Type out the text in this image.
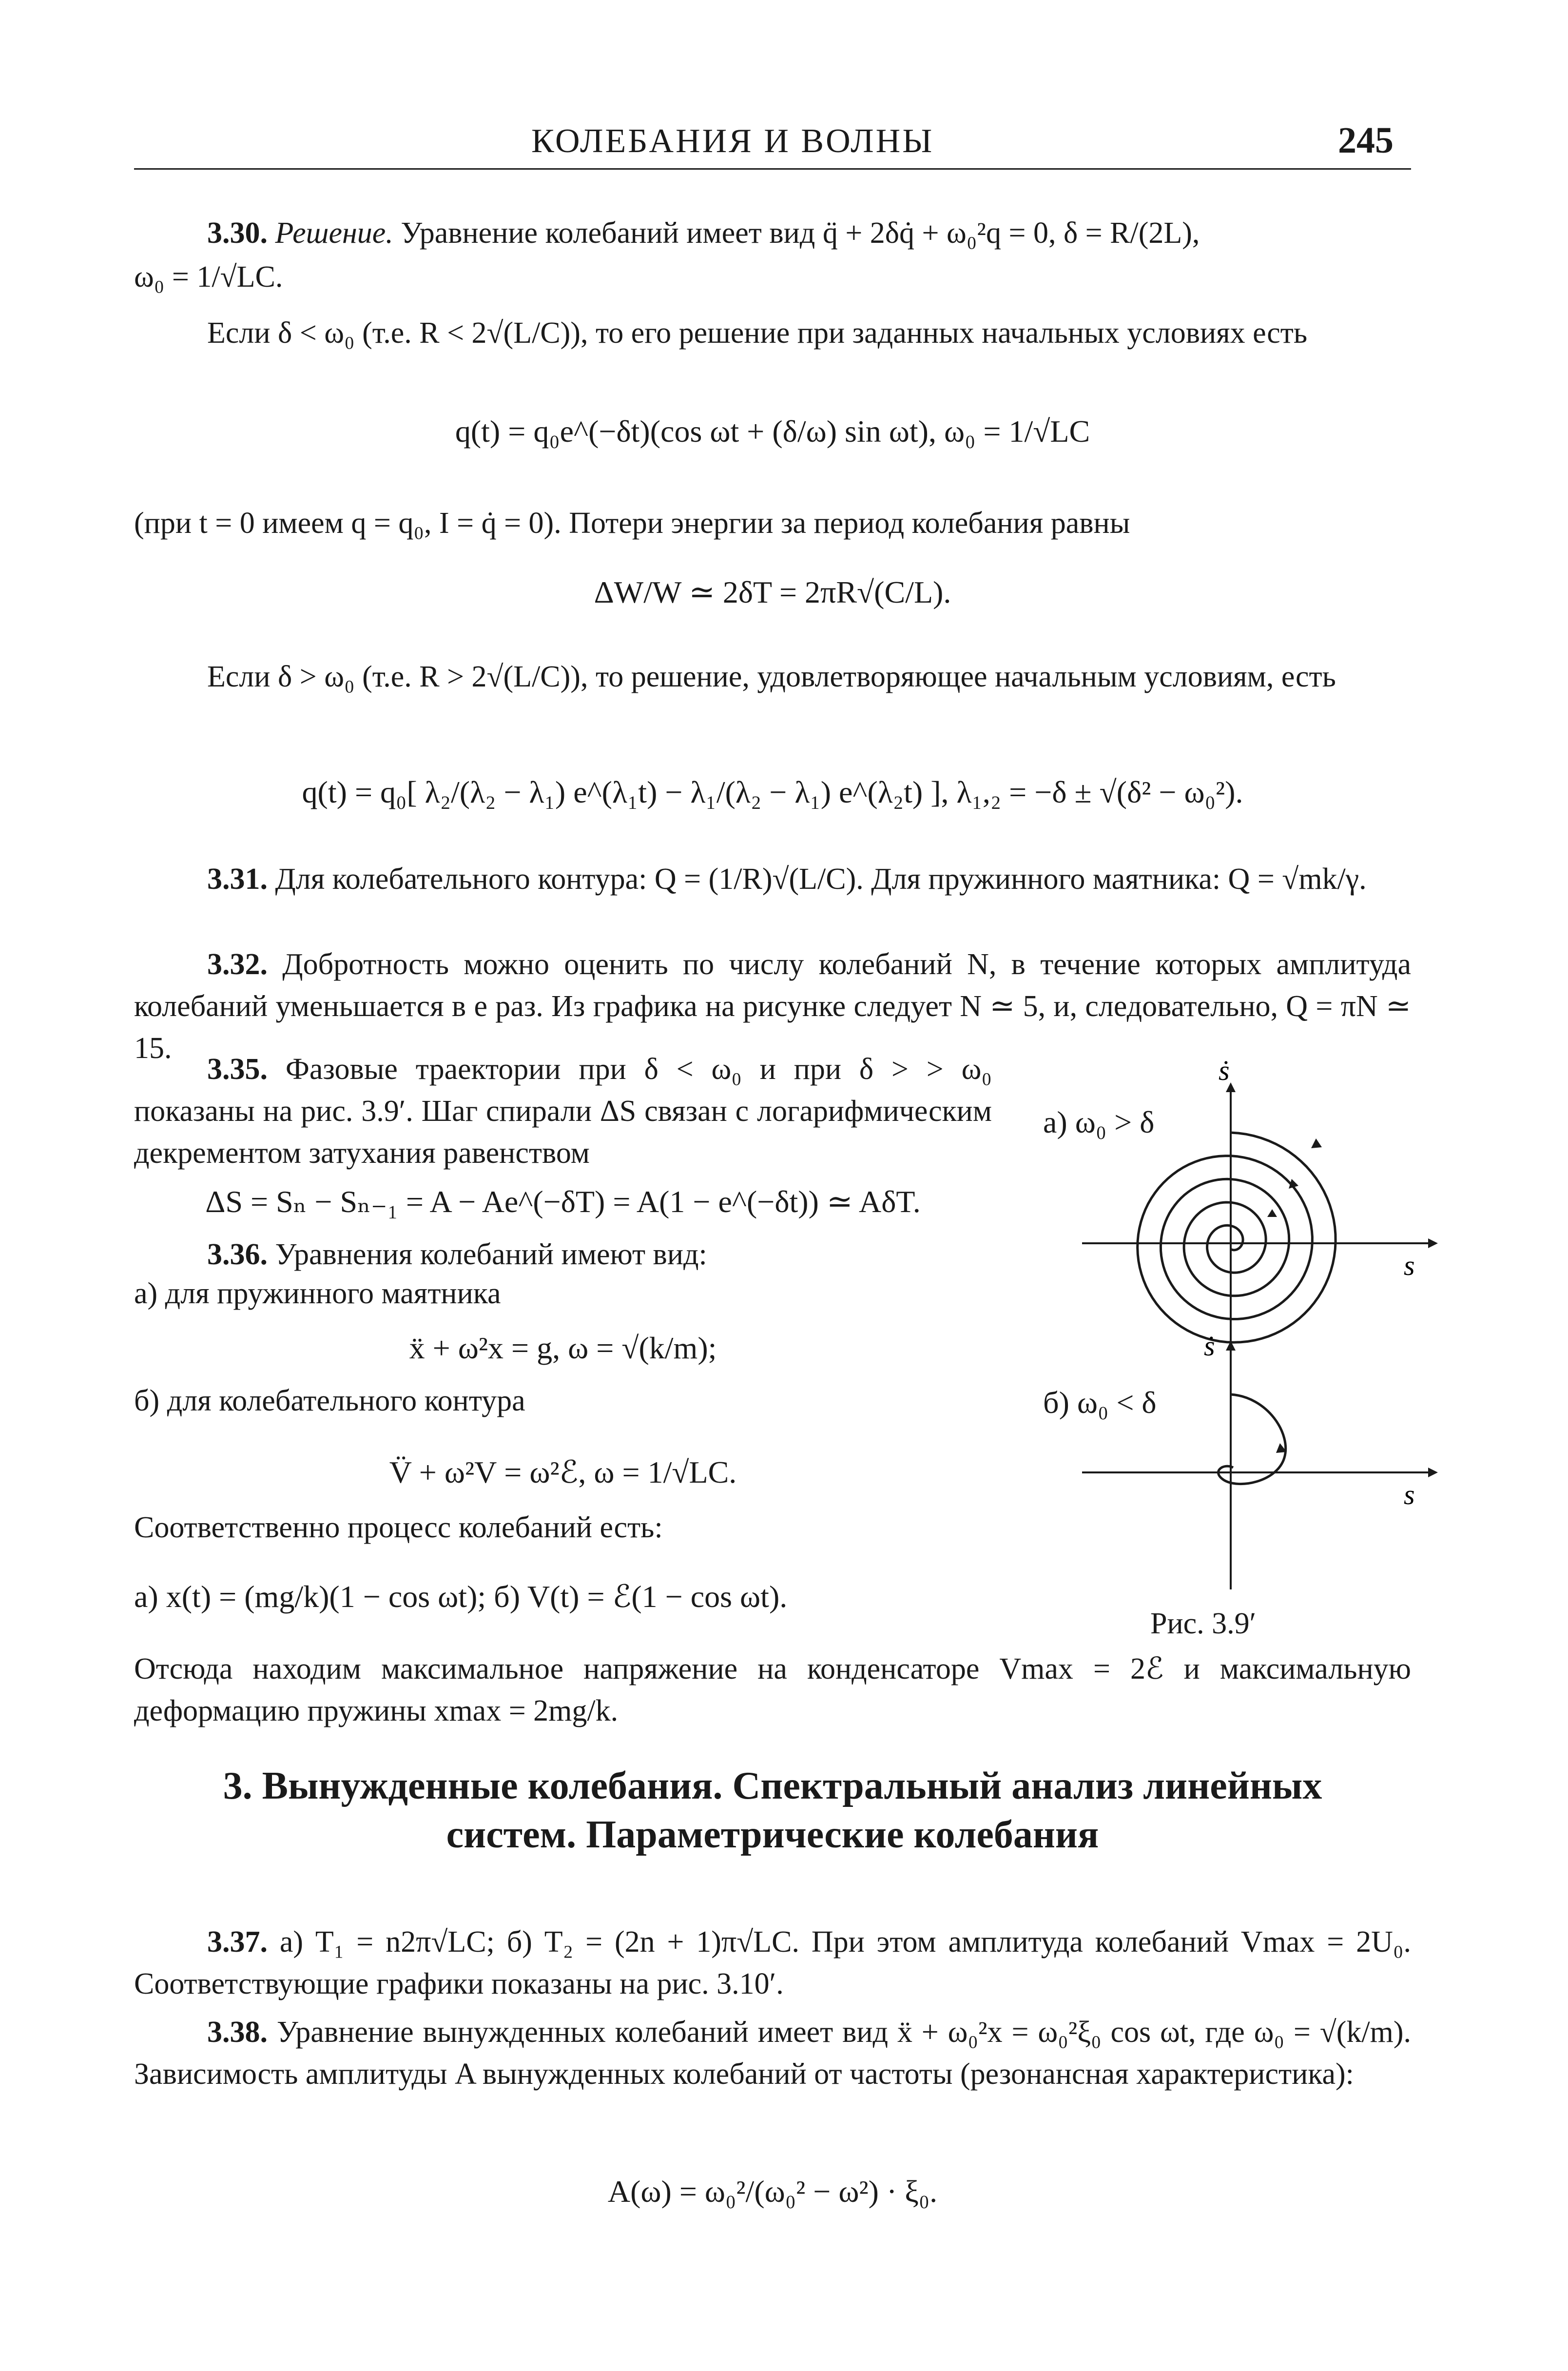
КОЛЕБАНИЯ И ВОЛНЫ	245
3.30. Решение. Уравнение колебаний имеет вид q̈ + 2δq̇ + ω₀²q = 0, δ = R/(2L),
ω₀ = 1/√LC.
Если δ < ω₀ (т.е. R < 2√(L/C)), то его решение при заданных начальных условиях есть
q(t) = q₀e^(−δt)(cos ωt + (δ/ω) sin ωt), ω₀ = 1/√LC
(при t = 0 имеем q = q₀, I = q̇ = 0). Потери энергии за период колебания равны
ΔW/W ≃ 2δT = 2πR√(C/L).
Если δ > ω₀ (т.е. R > 2√(L/C)), то решение, удовлетворяющее начальным условиям, есть
q(t) = q₀[ λ₂/(λ₂ − λ₁) e^(λ₁t) − λ₁/(λ₂ − λ₁) e^(λ₂t) ], λ₁,₂ = −δ ± √(δ² − ω₀²).
3.31. Для колебательного контура: Q = (1/R)√(L/C). Для пружинного маятника: Q = √mk/γ.
3.32. Добротность можно оценить по числу колебаний N, в течение которых амплитуда колебаний уменьшается в e раз. Из графика на рисунке следует N ≃ 5, и, следовательно, Q = πN ≃ 15.
3.35. Фазовые траектории при δ < ω₀ и при δ > > ω₀ показаны на рис. 3.9′. Шаг спирали ΔS связан с логарифмическим декрементом затухания равенством
ΔS = Sₙ − Sₙ₋₁ = A − Ae^(−δT) = A(1 − e^(−δt)) ≃ AδT.
3.36. Уравнения колебаний имеют вид:
а) для пружинного маятника
ẍ + ω²x = g, ω = √(k/m);
б) для колебательного контура
V̈ + ω²V = ω²ℰ, ω = 1/√LC.
Соответственно процесс колебаний есть:
а) x(t) = (mg/k)(1 − cos ωt); б) V(t) = ℰ(1 − cos ωt).
Отсюда находим максимальное напряжение на конденсаторе Vmax = 2ℰ и максимальную деформацию пружины xmax = 2mg/k.
а) ω₀ > δ
б) ω₀ < δ
ṡ
s
ṡ
s
Рис. 3.9′
3. Вынужденные колебания. Спектральный анализ линейных
систем. Параметрические колебания
3.37. а) T₁ = n2π√LC; б) T₂ = (2n + 1)π√LC. При этом амплитуда колебаний Vmax = 2U₀. Соответствующие графики показаны на рис. 3.10′.
3.38. Уравнение вынужденных колебаний имеет вид ẍ + ω₀²x = ω₀²ξ₀ cos ωt, где ω₀ = √(k/m). Зависимость амплитуды A вынужденных колебаний от частоты (резонансная характеристика):
A(ω) = ω₀²/(ω₀² − ω²) · ξ₀.
